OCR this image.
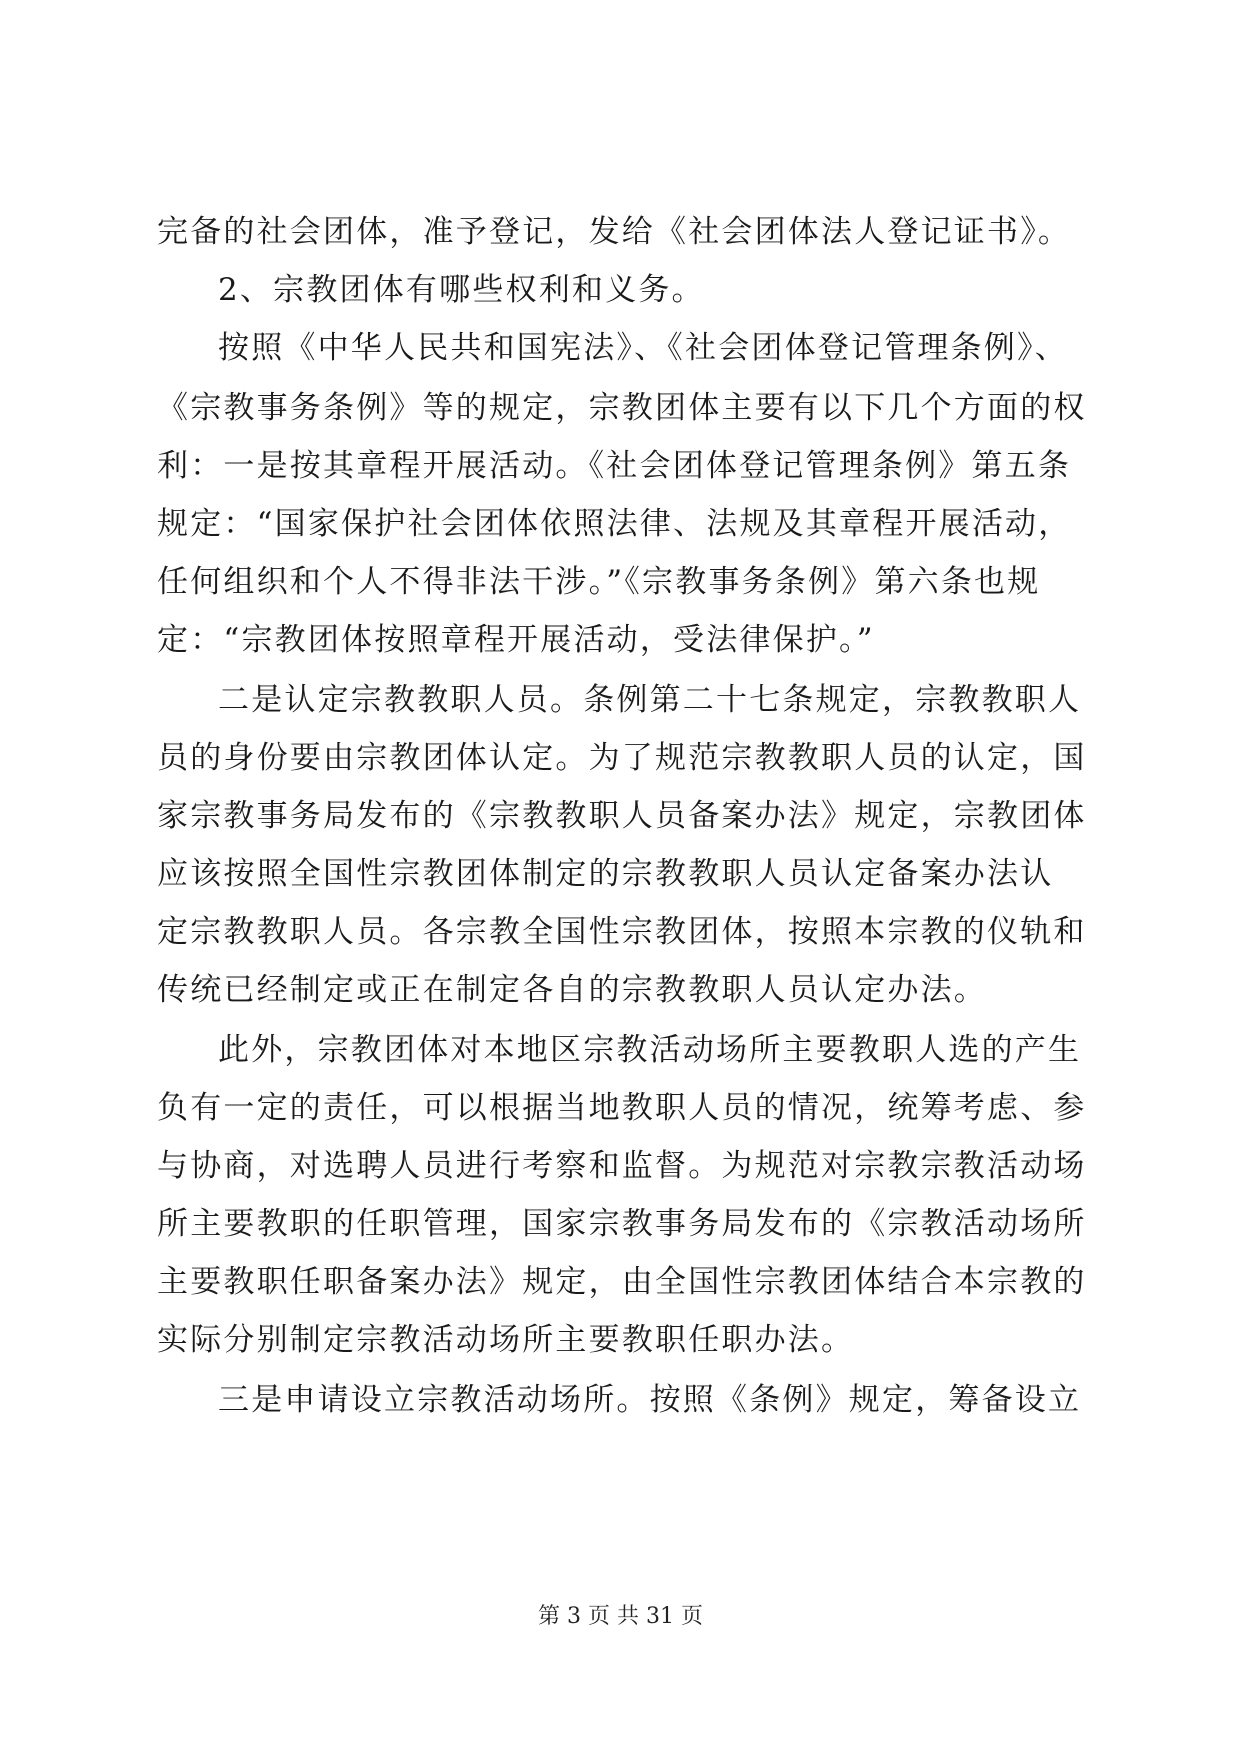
完备的社会团体，准予登记，发给《社会团体法人登记证书》。
2、宗教团体有哪些权利和义务。
按照《中华人民共和国宪法》、《社会团体登记管理条例》、
《宗教事务条例》等的规定，宗教团体主要有以下几个方面的权
利：一是按其章程开展活动。《社会团体登记管理条例》第五条
规定：“国家保护社会团体依照法律、法规及其章程开展活动，
任何组织和个人不得非法干涉。”《宗教事务条例》第六条也规
定：“宗教团体按照章程开展活动，受法律保护。”
二是认定宗教教职人员。条例第二十七条规定，宗教教职人
员的身份要由宗教团体认定。为了规范宗教教职人员的认定，国
家宗教事务局发布的《宗教教职人员备案办法》规定，宗教团体
应该按照全国性宗教团体制定的宗教教职人员认定备案办法认
定宗教教职人员。各宗教全国性宗教团体，按照本宗教的仪轨和
传统已经制定或正在制定各自的宗教教职人员认定办法。
此外，宗教团体对本地区宗教活动场所主要教职人选的产生
负有一定的责任，可以根据当地教职人员的情况，统筹考虑、参
与协商，对选聘人员进行考察和监督。为规范对宗教宗教活动场
所主要教职的任职管理，国家宗教事务局发布的《宗教活动场所
主要教职任职备案办法》规定，由全国性宗教团体结合本宗教的
实际分别制定宗教活动场所主要教职任职办法。
三是申请设立宗教活动场所。按照《条例》规定，筹备设立
第 3 页 共 31 页
